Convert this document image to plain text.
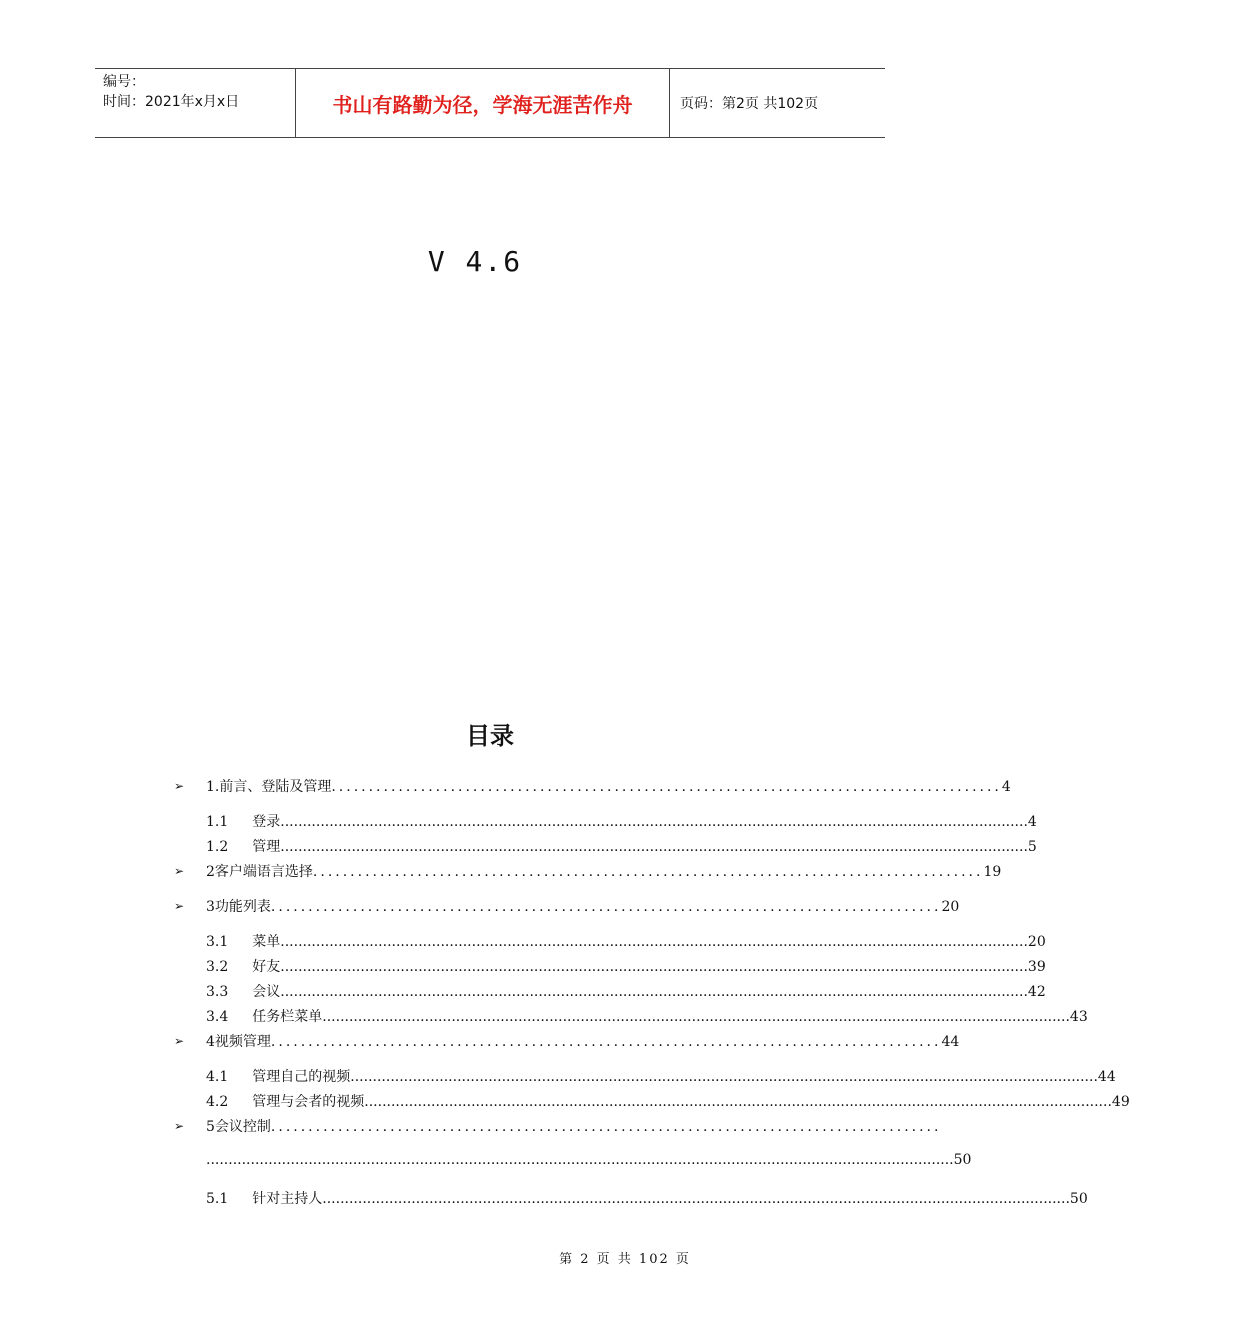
编号：
时间：2021年x月x日	书山有路勤为径，学海无涯苦作舟	页码：第2页 共102页
V 4.6
目录
➢ 1.前言、登陆及管理 .......................................................................................... 4
1.1 登录 ........................................................................................................................................................................ 4
1.2 管理 ........................................................................................................................................................................ 5
➢ 2客户端语言选择 .......................................................................................... 19
➢ 3功能列表 .......................................................................................... 20
3.1 菜单 ........................................................................................................................................................................ 20
3.2 好友 ........................................................................................................................................................................ 39
3.3 会议 ........................................................................................................................................................................ 42
3.4 任务栏菜单 ........................................................................................................................................................................ 43
➢ 4视频管理 .......................................................................................... 44
4.1 管理自己的视频 ........................................................................................................................................................................ 44
4.2 管理与会者的视频 ........................................................................................................................................................................ 49
➢ 5会议控制 ..........................................................................................
........................................................................................................................................................................ 50
5.1 针对主持人 ........................................................................................................................................................................ 50
第 2 页 共 102 页
